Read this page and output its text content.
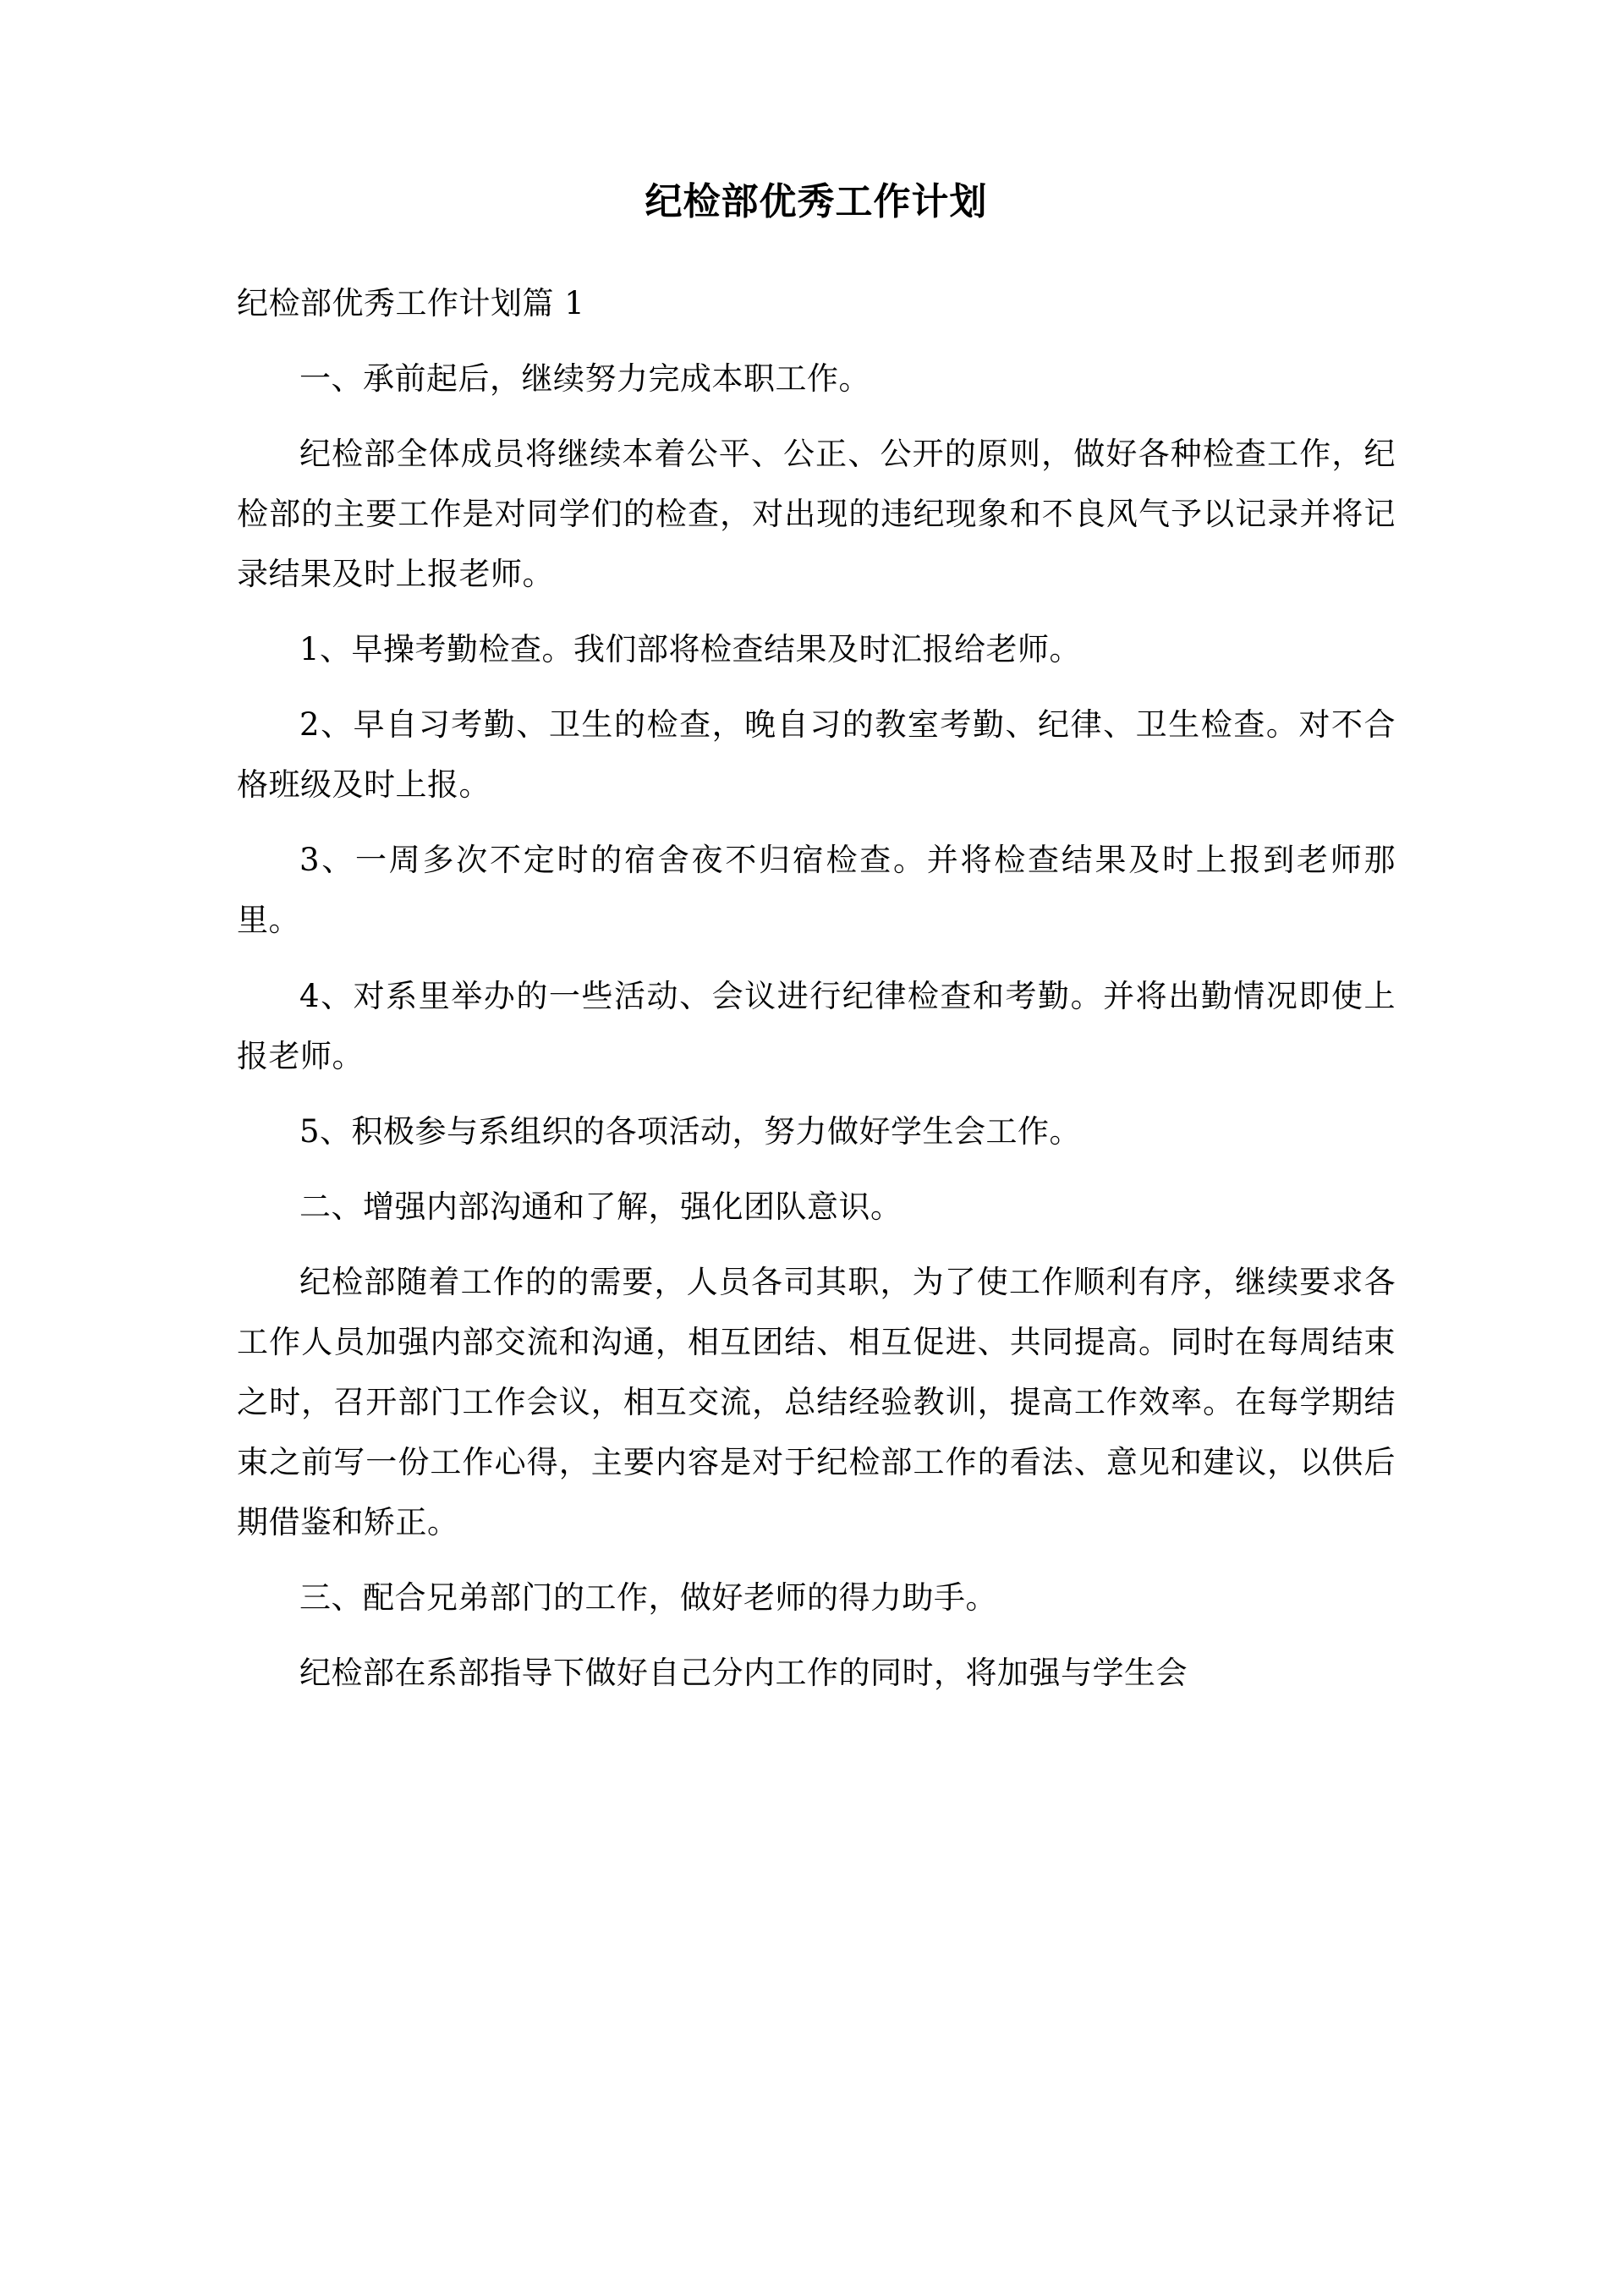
纪检部优秀工作计划

纪检部优秀工作计划篇 1

一、承前起后，继续努力完成本职工作。

纪检部全体成员将继续本着公平、公正、公开的原则，做好各种检查工作，纪检部的主要工作是对同学们的检查，对出现的违纪现象和不良风气予以记录并将记录结果及时上报老师。

1、早操考勤检查。我们部将检查结果及时汇报给老师。

2、早自习考勤、卫生的检查，晚自习的教室考勤、纪律、卫生检查。对不合格班级及时上报。

3、一周多次不定时的宿舍夜不归宿检查。并将检查结果及时上报到老师那里。

4、对系里举办的一些活动、会议进行纪律检查和考勤。并将出勤情况即使上报老师。

5、积极参与系组织的各项活动，努力做好学生会工作。

二、增强内部沟通和了解，强化团队意识。

纪检部随着工作的的需要，人员各司其职，为了使工作顺利有序，继续要求各工作人员加强内部交流和沟通，相互团结、相互促进、共同提高。同时在每周结束之时，召开部门工作会议，相互交流，总结经验教训，提高工作效率。在每学期结束之前写一份工作心得，主要内容是对于纪检部工作的看法、意见和建议，以供后期借鉴和矫正。

三、配合兄弟部门的工作，做好老师的得力助手。

纪检部在系部指导下做好自己分内工作的同时，将加强与学生会
